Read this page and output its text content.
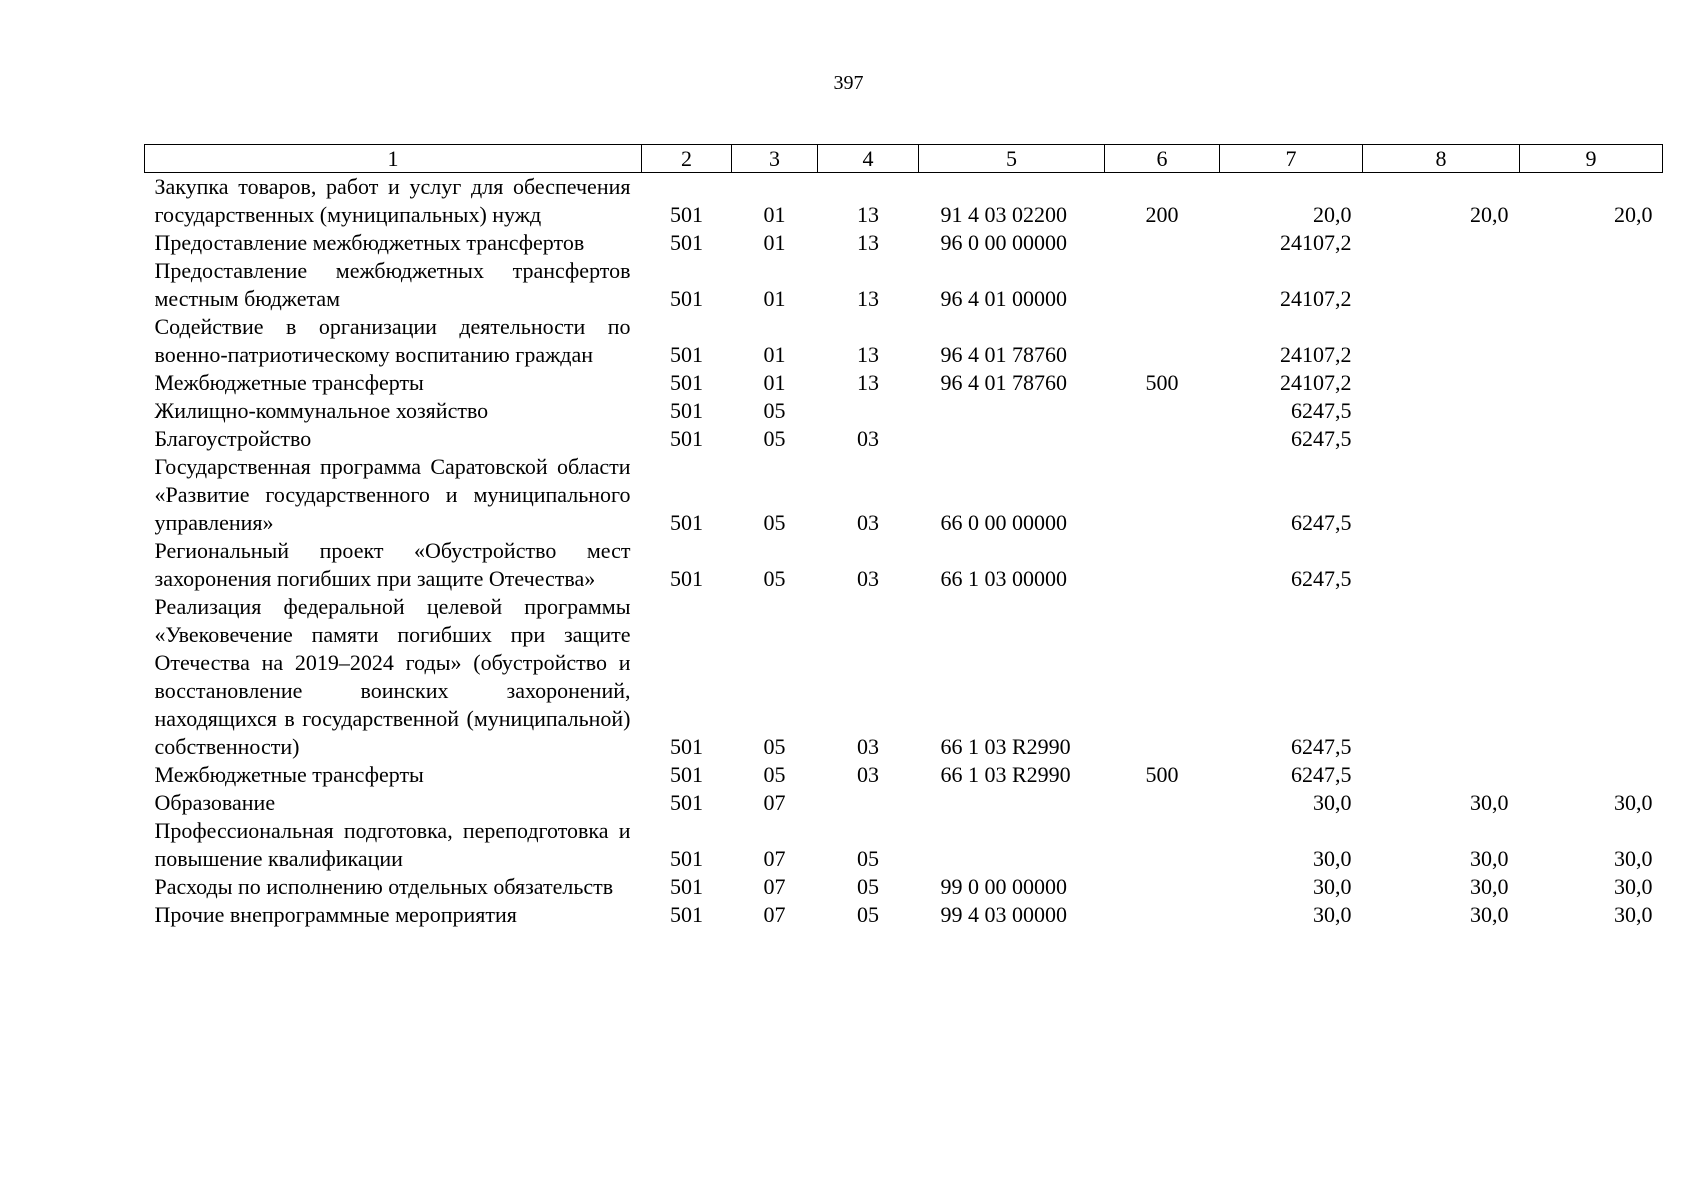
397
1	2	3	4	5	6	7	8	9
Закупка товаров, работ и услуг для обеспечения государственных (муниципальных) нужд	501	01	13	91 4 03 02200	200	20,0	20,0	20,0
Предоставление межбюджетных трансфертов	501	01	13	96 0 00 00000		24107,2		
Предоставление межбюджетных трансфертов местным бюджетам	501	01	13	96 4 01 00000		24107,2		
Содействие в организации деятельности по военно-патриотическому воспитанию граждан	501	01	13	96 4 01 78760		24107,2		
Межбюджетные трансферты	501	01	13	96 4 01 78760	500	24107,2		
Жилищно-коммунальное хозяйство	501	05				6247,5		
Благоустройство	501	05	03			6247,5		
Государственная программа Саратовской области «Развитие государственного и муниципального управления»	501	05	03	66 0 00 00000		6247,5		
Региональный проект «Обустройство мест захоронения погибших при защите Отечества»	501	05	03	66 1 03 00000		6247,5		
Реализация федеральной целевой программы «Увековечение памяти погибших при защите Отечества на 2019–2024 годы» (обустройство и восстановление воинских захоронений, находящихся в государственной (муниципальной) собственности)	501	05	03	66 1 03 R2990		6247,5		
Межбюджетные трансферты	501	05	03	66 1 03 R2990	500	6247,5		
Образование	501	07				30,0	30,0	30,0
Профессиональная подготовка, переподготовка и повышение квалификации	501	07	05			30,0	30,0	30,0
Расходы по исполнению отдельных обязательств	501	07	05	99 0 00 00000		30,0	30,0	30,0
Прочие внепрограммные мероприятия	501	07	05	99 4 03 00000		30,0	30,0	30,0
